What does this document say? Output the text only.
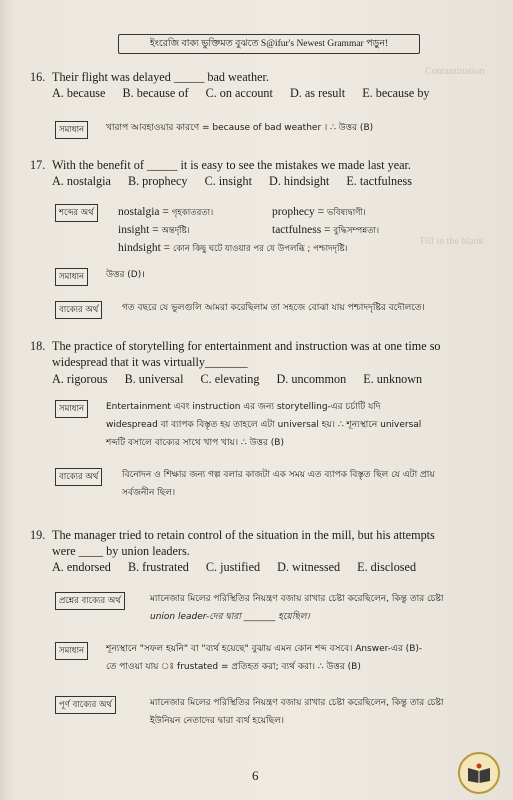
Contamination
Fill in the blank
ইংরেজি বাক্য ভুক্তিমত বুঝতে S@ifur's Newest Grammar পড়ুন!
16. Their flight was delayed _____ bad weather.
A. because B. because of C. on account D. as result E. because by
সমাধান	খারাপ আবহাওয়ার কারণে = because of bad weather । ∴ উত্তর (B)
17. With the benefit of _____ it is easy to see the mistakes we made last year.
A. nostalgia B. prophecy C. insight D. hindsight E. tactfulness
শব্দের অর্থ	nostalgia = গৃহকাতরতা।	prophecy = ভবিষ্যদ্বাণী।
insight = অন্তর্দৃষ্টি।	tactfulness = বুদ্ধিসম্পন্নতা।
hindsight = কোন কিছু ঘটে যাওয়ার পর যে উপলব্ধি ; পশ্চাদদৃষ্টি।
সমাধান	উত্তর (D)।
বাক্যের অর্থ	গত বছরে যে ভুলগুলি আমরা করেছিলাম তা সহজে বোঝা যায় পশ্চাদদৃষ্টির বদৌলতে।
18. The practice of storytelling for entertainment and instruction was at one time so
widespread that it was virtually_______
A. rigorous B. universal C. elevating D. uncommon E. unknown
সমাধান	Entertainment এবং instruction এর জন্য storytelling-এর চর্চাটি যদি
widespread বা ব্যাপক বিস্তৃত হয় তাহলে এটা universal হয়। ∴ শূন্যস্থানে universal
শব্দটি বসালে বাক্যের সাথে খাপ খায়। ∴ উত্তর (B)
বাক্যের অর্থ	বিনোদন ও শিক্ষার জন্য গল্প বলার কাজটা এক সময় এত ব্যাপক বিস্তৃত ছিল যে এটা প্রায়
সর্বজনীন ছিল।
19. The manager tried to retain control of the situation in the mill, but his attempts
were ____ by union leaders.
A. endorsed B. frustrated C. justified D. witnessed E. disclosed
প্রশ্নের বাক্যের অর্থ	ম্যানেজার মিলের পরিস্থিতির নিয়ন্ত্রণ বজায় রাখার চেষ্টা করেছিলেন, কিন্তু তার চেষ্টা
union leader-দের দ্বারা _______ হয়েছিল।
সমাধান	শূন্যস্থানে "সফল হয়নি" বা "ব্যর্থ হয়েছে" বুঝায় এমন কোন শব্দ বসবে। Answer-এর (B)-
তে পাওয়া যায় ঃ frustated = প্রতিহত করা; ব্যর্থ করা। ∴ উত্তর (B)
পূর্ণ বাক্যের অর্থ	ম্যানেজার মিলের পরিস্থিতির নিয়ন্ত্রণ বজায় রাখার চেষ্টা করেছিলেন, কিন্তু তার চেষ্টা
ইউনিয়ন নেতাদের দ্বারা ব্যর্থ হয়েছিল।
6
